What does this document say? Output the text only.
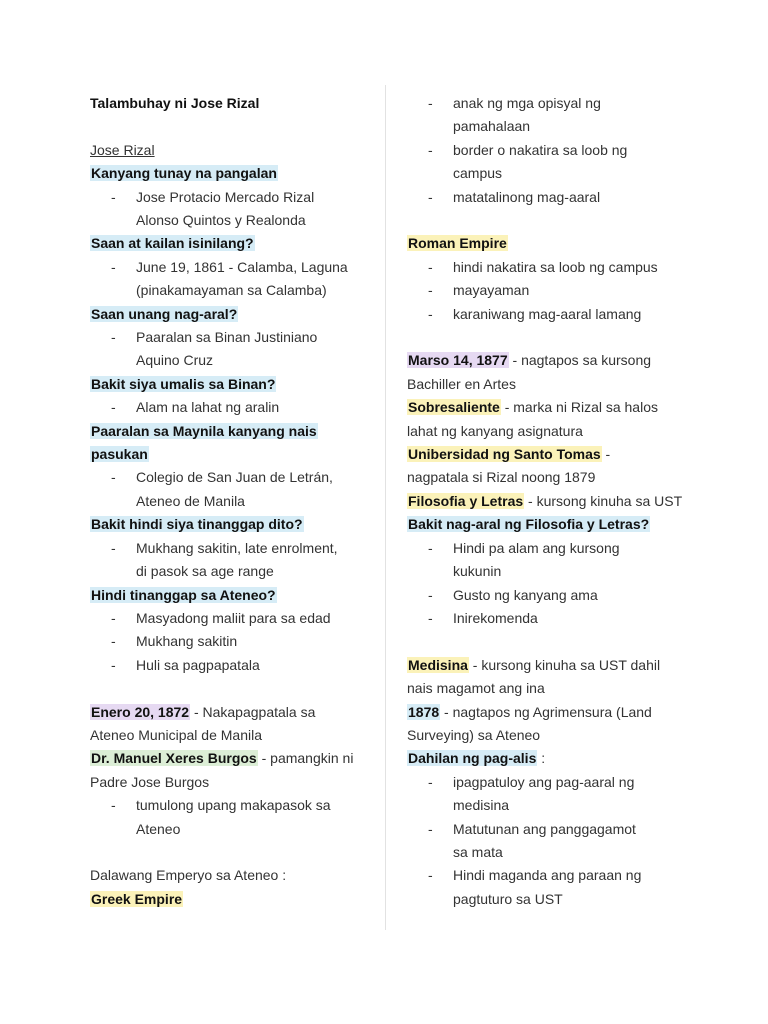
Talambuhay ni Jose Rizal
Jose Rizal
Kanyang tunay na pangalan
- Jose Protacio Mercado Rizal
Alonso Quintos y Realonda
Saan at kailan isinilang?
- June 19, 1861 - Calamba, Laguna
(pinakamayaman sa Calamba)
Saan unang nag-aral?
- Paaralan sa Binan Justiniano
Aquino Cruz
Bakit siya umalis sa Binan?
- Alam na lahat ng aralin
Paaralan sa Maynila kanyang nais
pasukan
- Colegio de San Juan de Letrán,
Ateneo de Manila
Bakit hindi siya tinanggap dito?
- Mukhang sakitin, late enrolment,
di pasok sa age range
Hindi tinanggap sa Ateneo?
- Masyadong maliit para sa edad
- Mukhang sakitin
- Huli sa pagpapatala
Enero 20, 1872 - Nakapagpatala sa
Ateneo Municipal de Manila
Dr. Manuel Xeres Burgos - pamangkin ni
Padre Jose Burgos
- tumulong upang makapasok sa
Ateneo
Dalawang Emperyo sa Ateneo :
Greek Empire
- anak ng mga opisyal ng
pamahalaan
- border o nakatira sa loob ng
campus
- matatalinong mag-aaral
Roman Empire
- hindi nakatira sa loob ng campus
- mayayaman
- karaniwang mag-aaral lamang
Marso 14, 1877 - nagtapos sa kursong
Bachiller en Artes
Sobresaliente - marka ni Rizal sa halos
lahat ng kanyang asignatura
Unibersidad ng Santo Tomas -
nagpatala si Rizal noong 1879
Filosofia y Letras - kursong kinuha sa UST
Bakit nag-aral ng Filosofia y Letras?
- Hindi pa alam ang kursong
kukunin
- Gusto ng kanyang ama
- Inirekomenda
Medisina - kursong kinuha sa UST dahil
nais magamot ang ina
1878 - nagtapos ng Agrimensura (Land
Surveying) sa Ateneo
Dahilan ng pag-alis :
- ipagpatuloy ang pag-aaral ng
medisina
- Matutunan ang panggagamot
sa mata
- Hindi maganda ang paraan ng
pagtuturo sa UST
